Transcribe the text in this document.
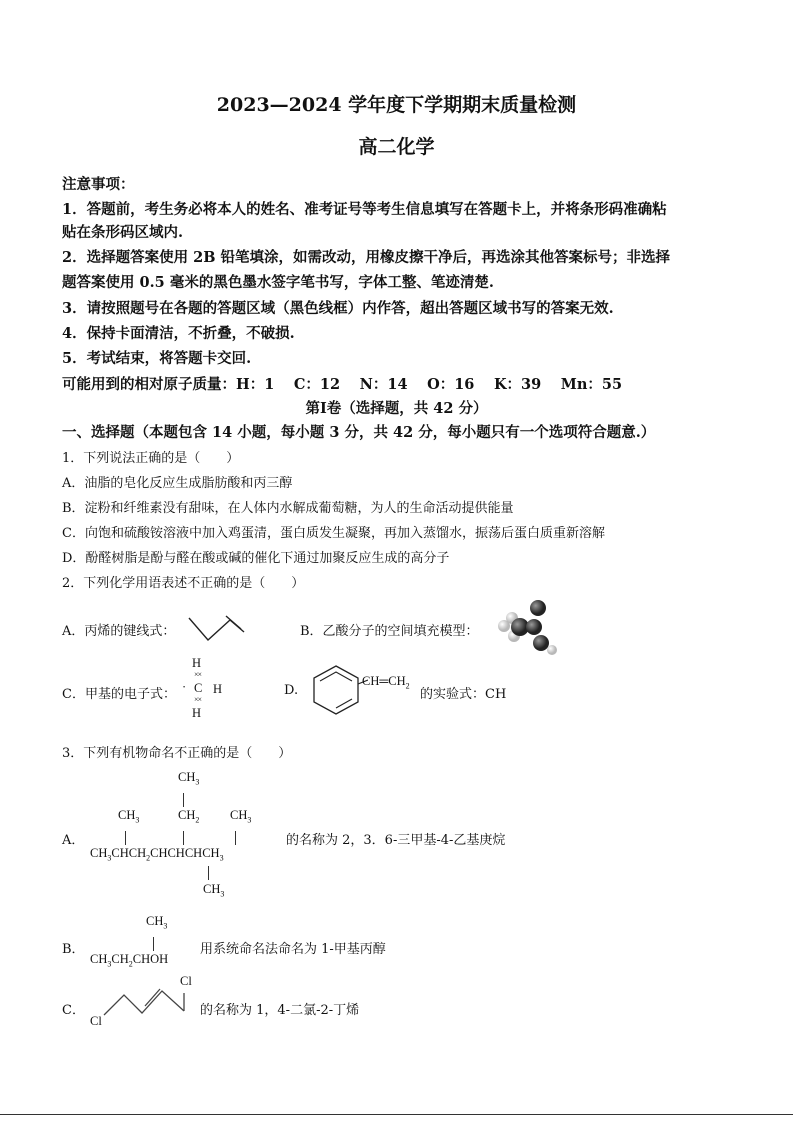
2023—2024 学年度下学期期末质量检测
高二化学
注意事项：
1．答题前，考生务必将本人的姓名、准考证号等考生信息填写在答题卡上，并将条形码准确粘
贴在条形码区域内.
2．选择题答案使用 2B 铅笔填涂，如需改动，用橡皮擦干净后，再选涂其他答案标号；非选择
题答案使用 0.5 毫米的黑色墨水签字笔书写，字体工整、笔迹清楚.
3．请按照题号在各题的答题区域（黑色线框）内作答，超出答题区域书写的答案无效.
4．保持卡面清洁，不折叠，不破损.
5．考试结束，将答题卡交回.
可能用到的相对原子质量：H：1　 C：12　 N：14　 O：16　 K：39　 Mn：55
第Ⅰ卷（选择题，共 42 分）
一、选择题（本题包含 14 小题，每小题 3 分，共 42 分，每小题只有一个选项符合题意.）
1．下列说法正确的是（　　）
A．油脂的皂化反应生成脂肪酸和丙三醇
B．淀粉和纤维素没有甜味，在人体内水解成葡萄糖，为人的生命活动提供能量
C．向饱和硫酸铵溶液中加入鸡蛋清，蛋白质发生凝聚，再加入蒸馏水，振荡后蛋白质重新溶解
D．酚醛树脂是酚与醛在酸或碱的催化下通过加聚反应生成的高分子
2．下列化学用语表述不正确的是（　　）
A．丙烯的键线式：	B．乙酸分子的空间填充模型：
C．甲基的电子式：
H
××
· C H
××
H
D.
$CH═CH_2$
的实验式：CH
3．下列有机物命名不正确的是（　　）
A．
$CH_3$
$CH_3$	$CH_2$ $CH_3$
$CH_3CHCH_2CHCHCHCH_3$
$CH_3$
的名称为 2，3．6-三甲基-4-乙基庚烷
B．
$CH_3$
$CH_3CH_2CHOH$
用系统命名法命名为 1-甲基丙醇
C．
Cl
Cl
的名称为 1，4-二氯-2-丁烯
